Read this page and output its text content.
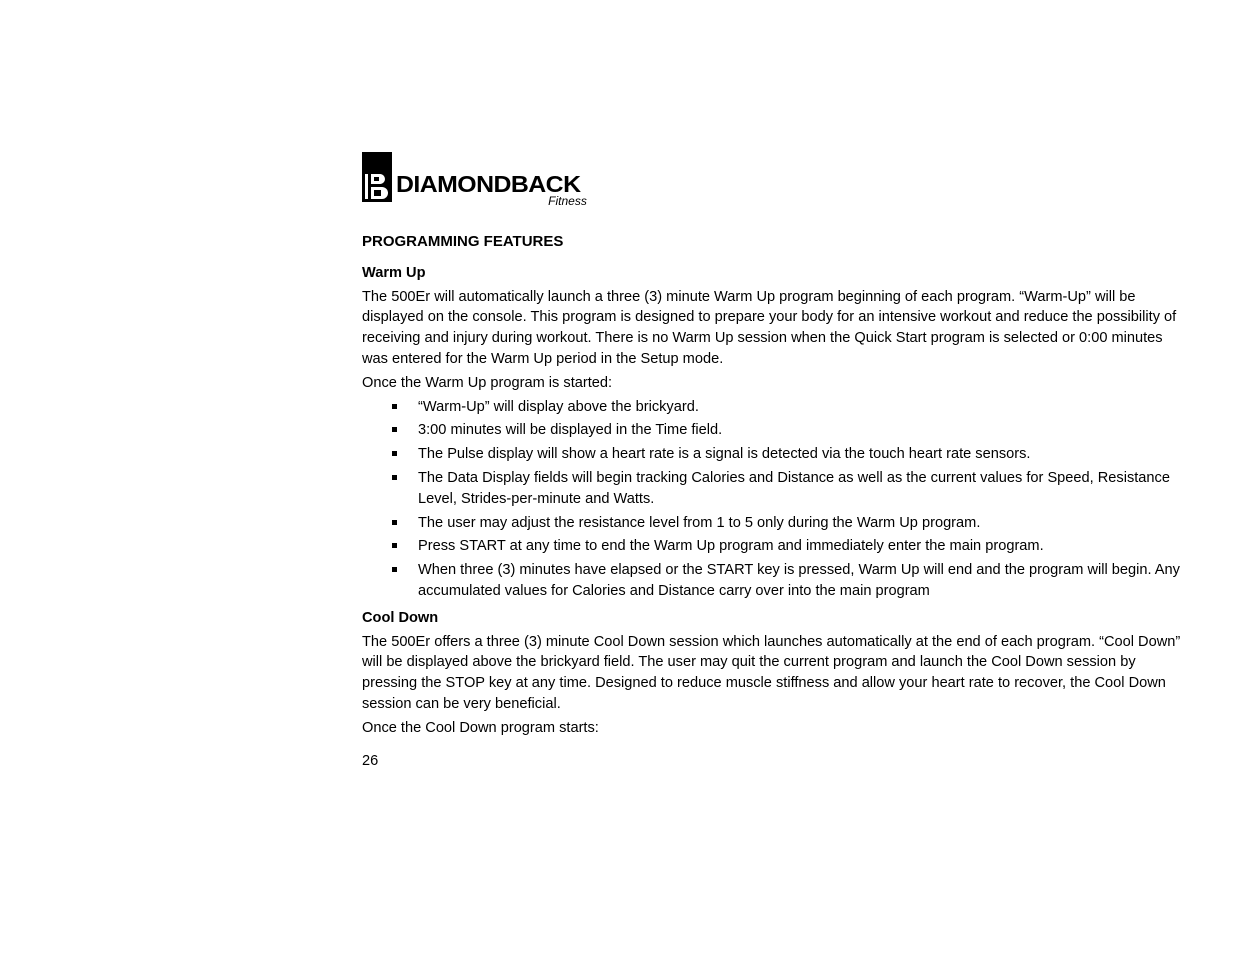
DIAMONDBACK
Fitness
PROGRAMMING FEATURES
Warm Up

The 500Er will automatically launch a three (3) minute Warm Up program beginning of each program. “Warm-Up” will be displayed on the console. This program is designed to prepare your body for an intensive workout and reduce the possibility of receiving and injury during workout. There is no Warm Up session when the Quick Start program is selected or 0:00 minutes was entered for the Warm Up period in the Setup mode.

Once the Warm Up program is started:

“Warm-Up” will display above the brickyard.
3:00 minutes will be displayed in the Time field.
The Pulse display will show a heart rate is a signal is detected via the touch heart rate sensors.
The Data Display fields will begin tracking Calories and Distance as well as the current values for Speed, Resistance Level, Strides-per-minute and Watts.
The user may adjust the resistance level from 1 to 5 only during the Warm Up program.
Press START at any time to end the Warm Up program and immediately enter the main program.
When three (3) minutes have elapsed or the START key is pressed, Warm Up will end and the program will begin. Any accumulated values for Calories and Distance carry over into the main program
Cool Down

The 500Er offers a three (3) minute Cool Down session which launches automatically at the end of each program. “Cool Down” will be displayed above the brickyard field. The user may quit the current program and launch the Cool Down session by pressing the STOP key at any time. Designed to reduce muscle stiffness and allow your heart rate to recover, the Cool Down session can be very beneficial.

Once the Cool Down program starts:

26
